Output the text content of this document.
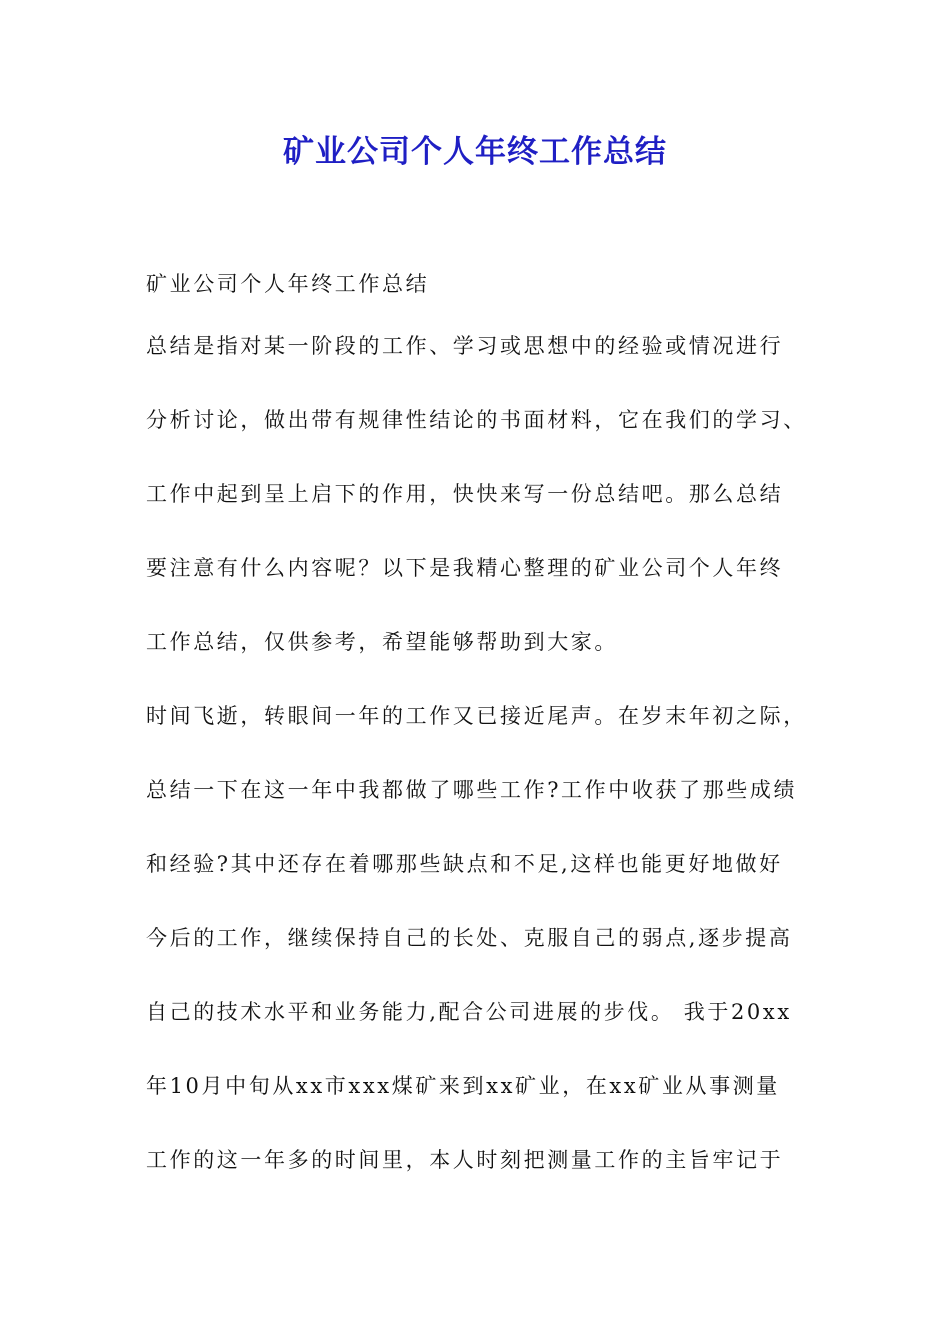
矿业公司个人年终工作总结
矿业公司个人年终工作总结
总结是指对某一阶段的工作、学习或思想中的经验或情况进行
分析讨论，做出带有规律性结论的书面材料，它在我们的学习、
工作中起到呈上启下的作用，快快来写一份总结吧。那么总结
要注意有什么内容呢？以下是我精心整理的矿业公司个人年终
工作总结，仅供参考，希望能够帮助到大家。
时间飞逝，转眼间一年的工作又已接近尾声。在岁末年初之际，
总结一下在这一年中我都做了哪些工作?工作中收获了那些成绩
和经验?其中还存在着哪那些缺点和不足,这样也能更好地做好
今后的工作，继续保持自己的长处、克服自己的弱点,逐步提高
自己的技术水平和业务能力,配合公司进展的步伐。 我于20xx
年10月中旬从xx市xxx煤矿来到xx矿业，在xx矿业从事测量
工作的这一年多的时间里，本人时刻把测量工作的主旨牢记于
